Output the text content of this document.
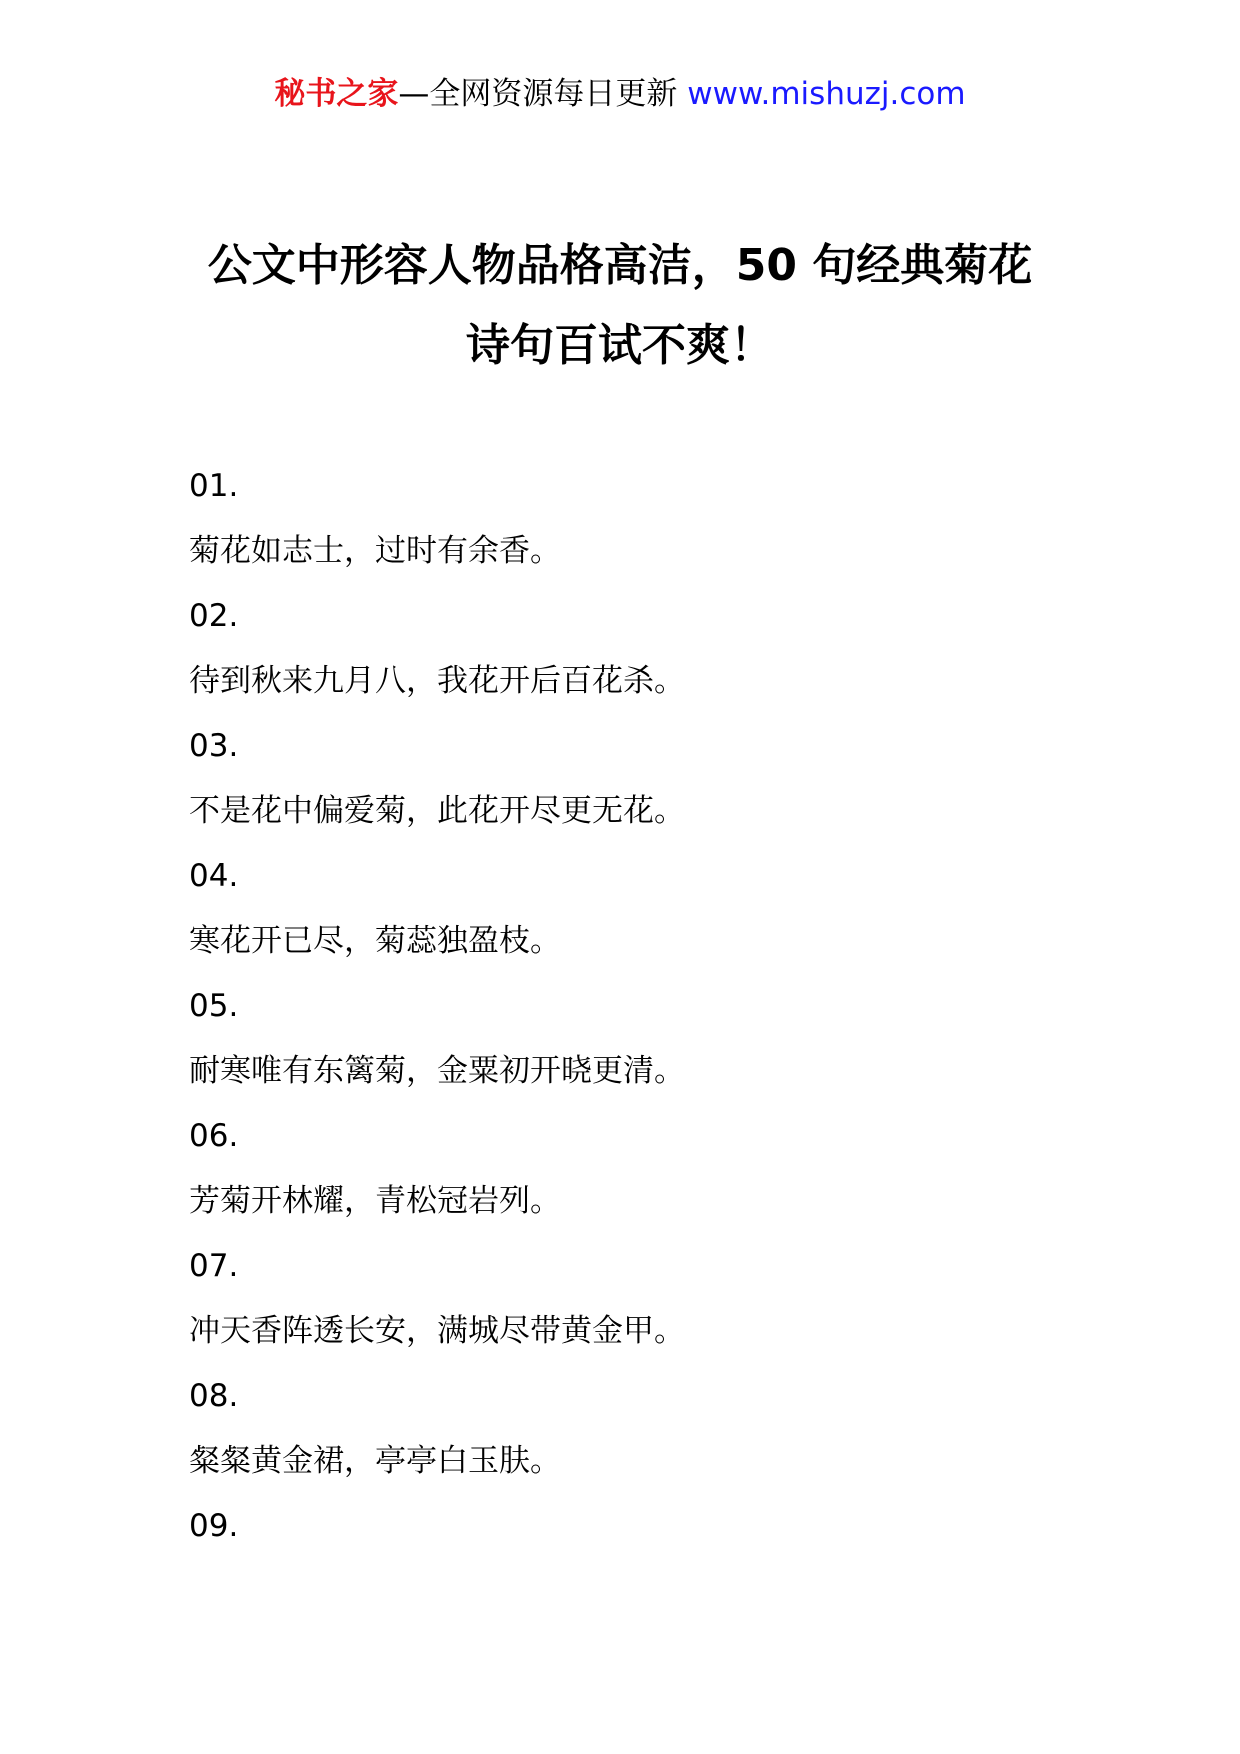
秘书之家—全网资源每日更新 www.mishuzj.com
公文中形容人物品格高洁，50 句经典菊花
诗句百试不爽！
01.
菊花如志士，过时有余香。
02.
待到秋来九月八，我花开后百花杀。
03.
不是花中偏爱菊，此花开尽更无花。
04.
寒花开已尽，菊蕊独盈枝。
05.
耐寒唯有东篱菊，金粟初开晓更清。
06.
芳菊开林耀，青松冠岩列。
07.
冲天香阵透长安，满城尽带黄金甲。
08.
粲粲黄金裙，亭亭白玉肤。
09.
